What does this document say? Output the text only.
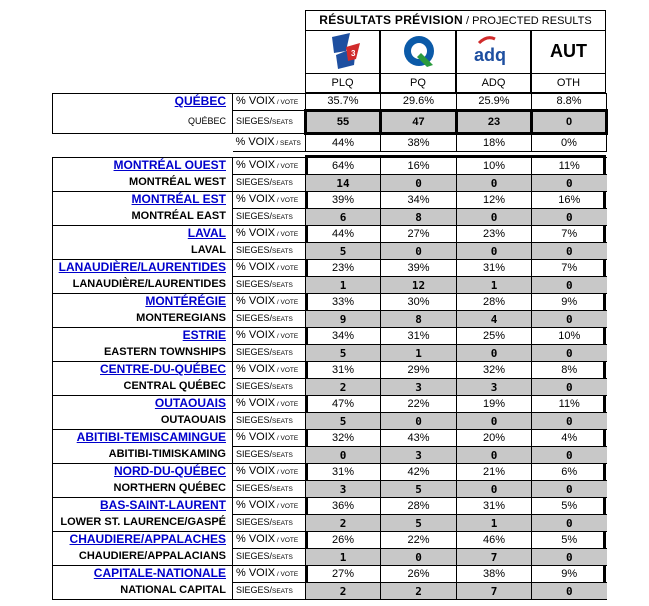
RÉSULTATS PRÉVISION / PROJECTED RESULTS
3	adq	AUT
PLQ	PQ	ADQ	OTH
QUÉBEC	% VOIX / VOTE	35.7%	29.6%	25.9%	8.8%
QUÉBEC	SIEGES/SEATS	55	47	23	0
	% VOIX / SEATS	44%	38%	18%	0%
MONTRÉAL OUEST	% VOIX / VOTE	64%	16%	10%	11%
MONTRÉAL WEST	SIEGES/SEATS	14	0	0	0
MONTRÉAL EST	% VOIX / VOTE	39%	34%	12%	16%
MONTRÉAL EAST	SIEGES/SEATS	6	8	0	0
LAVAL	% VOIX / VOTE	44%	27%	23%	7%
LAVAL	SIEGES/SEATS	5	0	0	0
LANAUDIÈRE/LAURENTIDES	% VOIX / VOTE	23%	39%	31%	7%
LANAUDIÈRE/LAURENTIDES	SIEGES/SEATS	1	12	1	0
MONTÉRÉGIE	% VOIX / VOTE	33%	30%	28%	9%
MONTEREGIANS	SIEGES/SEATS	9	8	4	0
ESTRIE	% VOIX / VOTE	34%	31%	25%	10%
EASTERN TOWNSHIPS	SIEGES/SEATS	5	1	0	0
CENTRE-DU-QUÉBEC	% VOIX / VOTE	31%	29%	32%	8%
CENTRAL QUÉBEC	SIEGES/SEATS	2	3	3	0
OUTAOUAIS	% VOIX / VOTE	47%	22%	19%	11%
OUTAOUAIS	SIEGES/SEATS	5	0	0	0
ABITIBI-TEMISCAMINGUE	% VOIX / VOTE	32%	43%	20%	4%
ABITIBI-TIMISKAMING	SIEGES/SEATS	0	3	0	0
NORD-DU-QUÉBEC	% VOIX / VOTE	31%	42%	21%	6%
NORTHERN QUÉBEC	SIEGES/SEATS	3	5	0	0
BAS-SAINT-LAURENT	% VOIX / VOTE	36%	28%	31%	5%
LOWER ST. LAURENCE/GASPÉ	SIEGES/SEATS	2	5	1	0
CHAUDIERE/APPALACHES	% VOIX / VOTE	26%	22%	46%	5%
CHAUDIERE/APPALACIANS	SIEGES/SEATS	1	0	7	0
CAPITALE-NATIONALE	% VOIX / VOTE	27%	26%	38%	9%
NATIONAL CAPITAL	SIEGES/SEATS	2	2	7	0
